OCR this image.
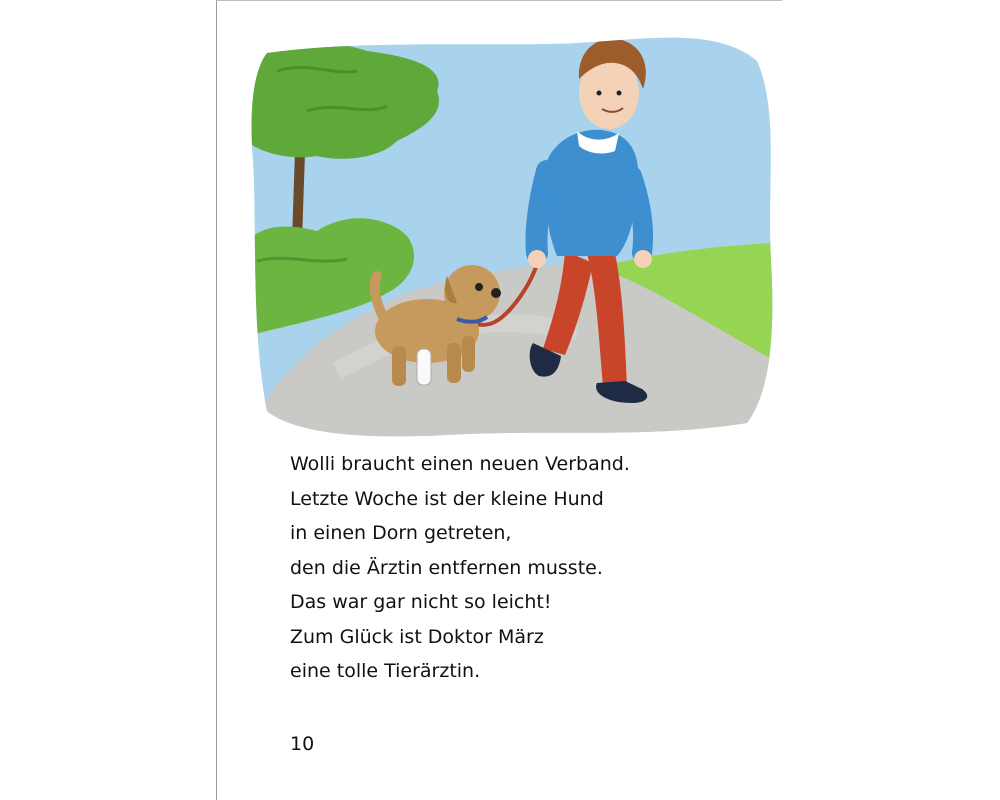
Wolli braucht einen neuen Verband.
Letzte Woche ist der kleine Hund
in einen Dorn getreten,
den die Ärztin entfernen musste.
Das war gar nicht so leicht!
Zum Glück ist Doktor März
eine tolle Tierärztin.
10
